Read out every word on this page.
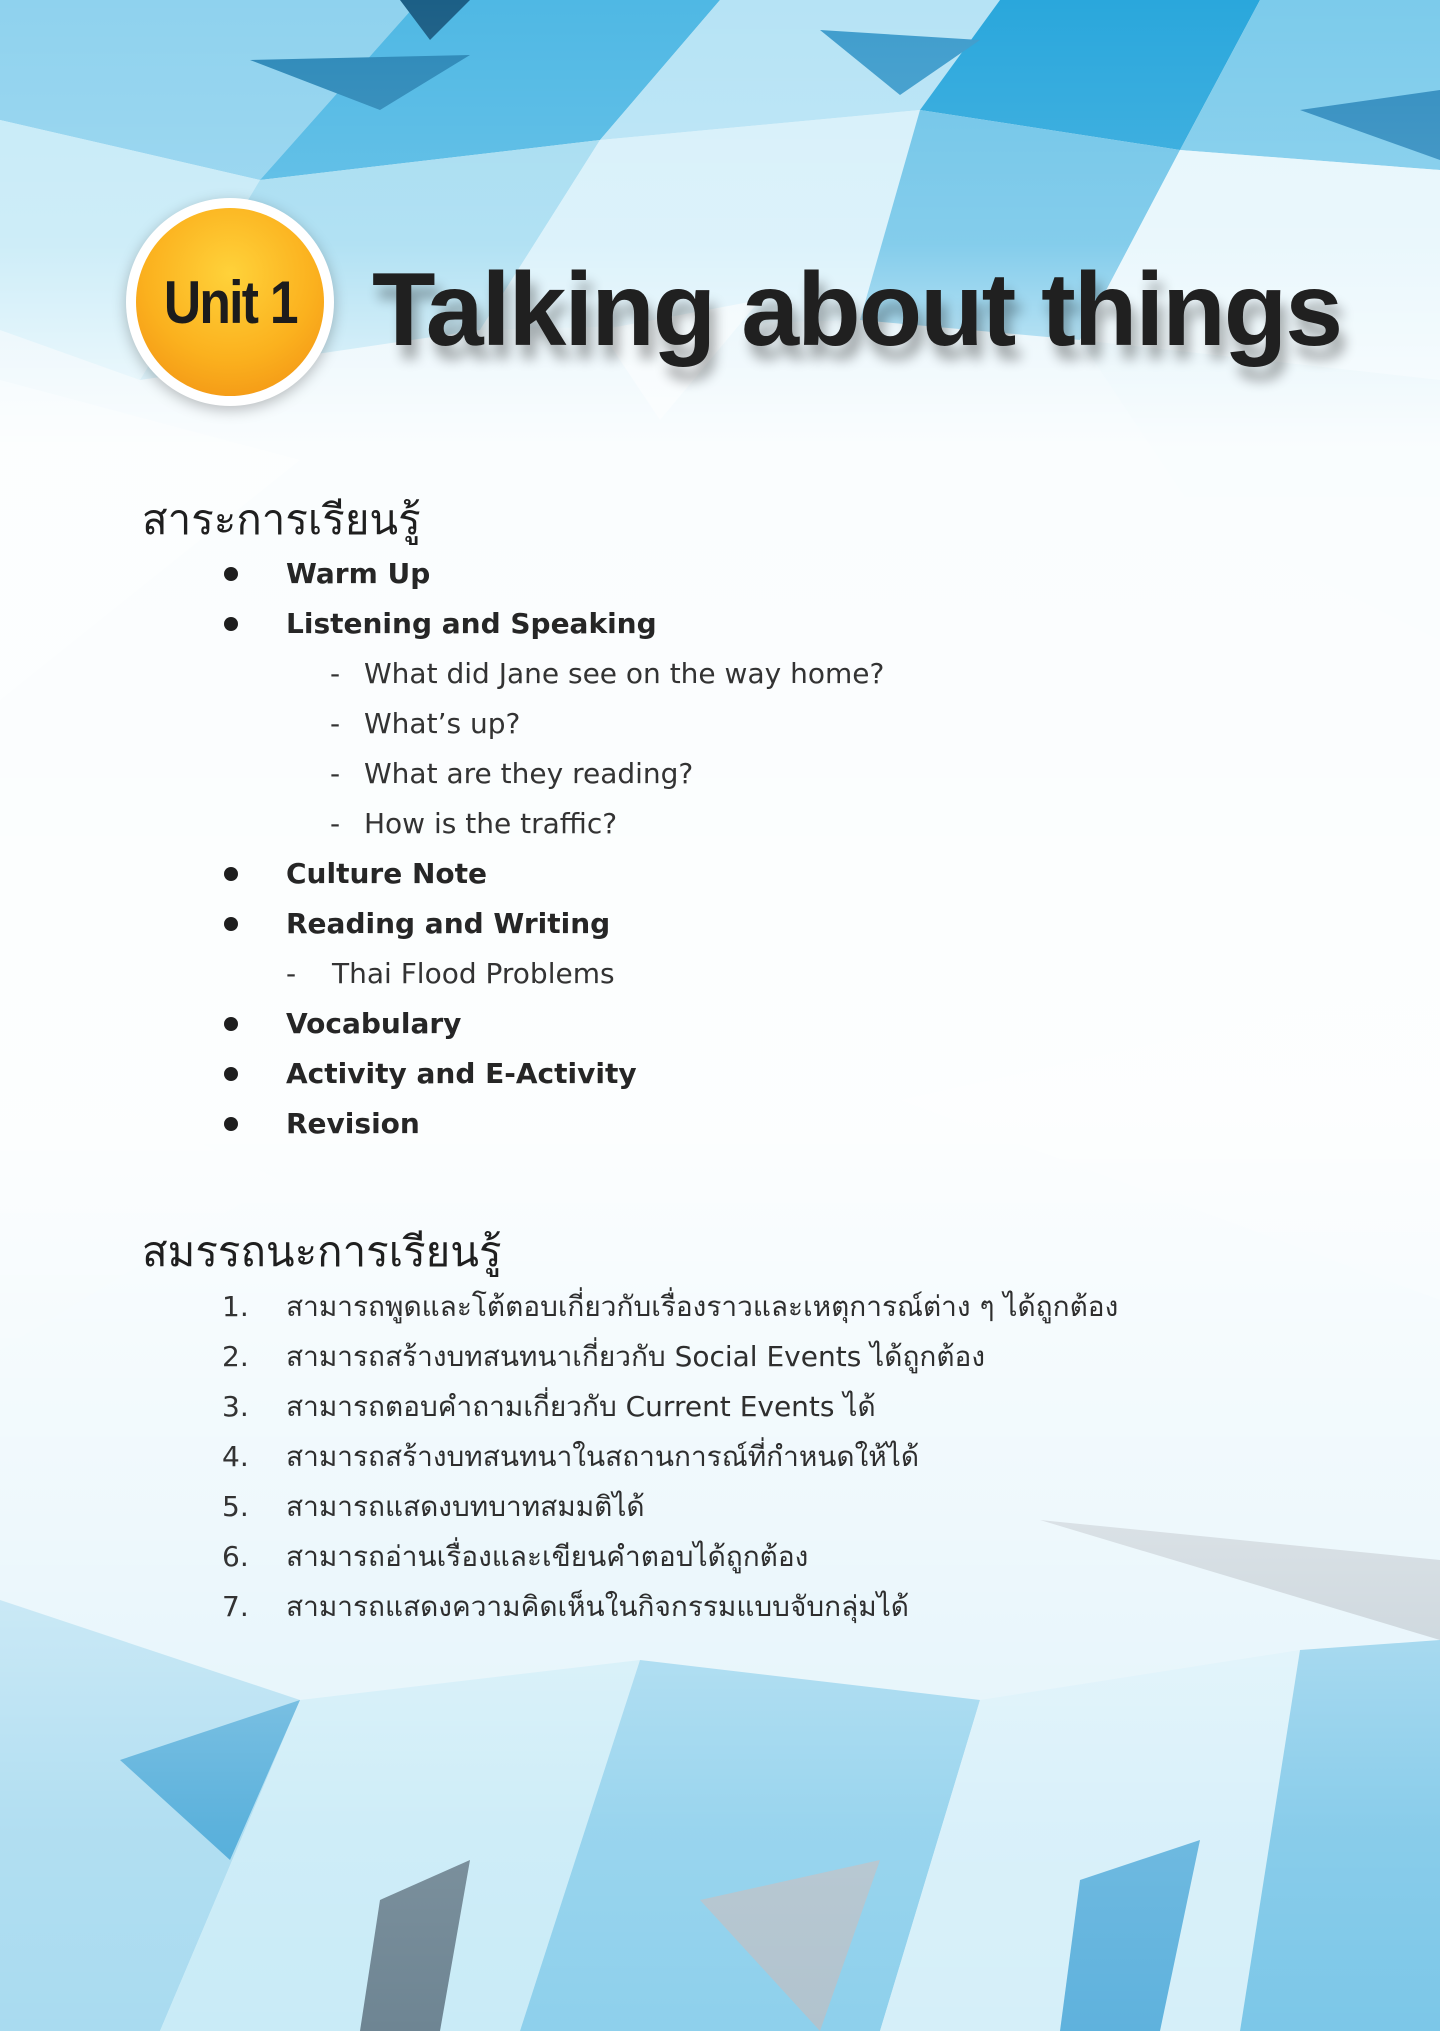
Unit 1 Talking about things
สาระการเรียนรู้
Warm Up
Listening and Speaking
- What did Jane see on the way home?
- What’s up?
- What are they reading?
- How is the traffic?
Culture Note
Reading and Writing
- Thai Flood Problems
Vocabulary
Activity and E-Activity
Revision
สมรรถนะการเรียนรู้
1. สามารถพูดและโต้ตอบเกี่ยวกับเรื่องราวและเหตุการณ์ต่าง ๆ ได้ถูกต้อง
2. สามารถสร้างบทสนทนาเกี่ยวกับ Social Events ได้ถูกต้อง
3. สามารถตอบคำถามเกี่ยวกับ Current Events ได้
4. สามารถสร้างบทสนทนาในสถานการณ์ที่กำหนดให้ได้
5. สามารถแสดงบทบาทสมมติได้
6. สามารถอ่านเรื่องและเขียนคำตอบได้ถูกต้อง
7. สามารถแสดงความคิดเห็นในกิจกรรมแบบจับกลุ่มได้
